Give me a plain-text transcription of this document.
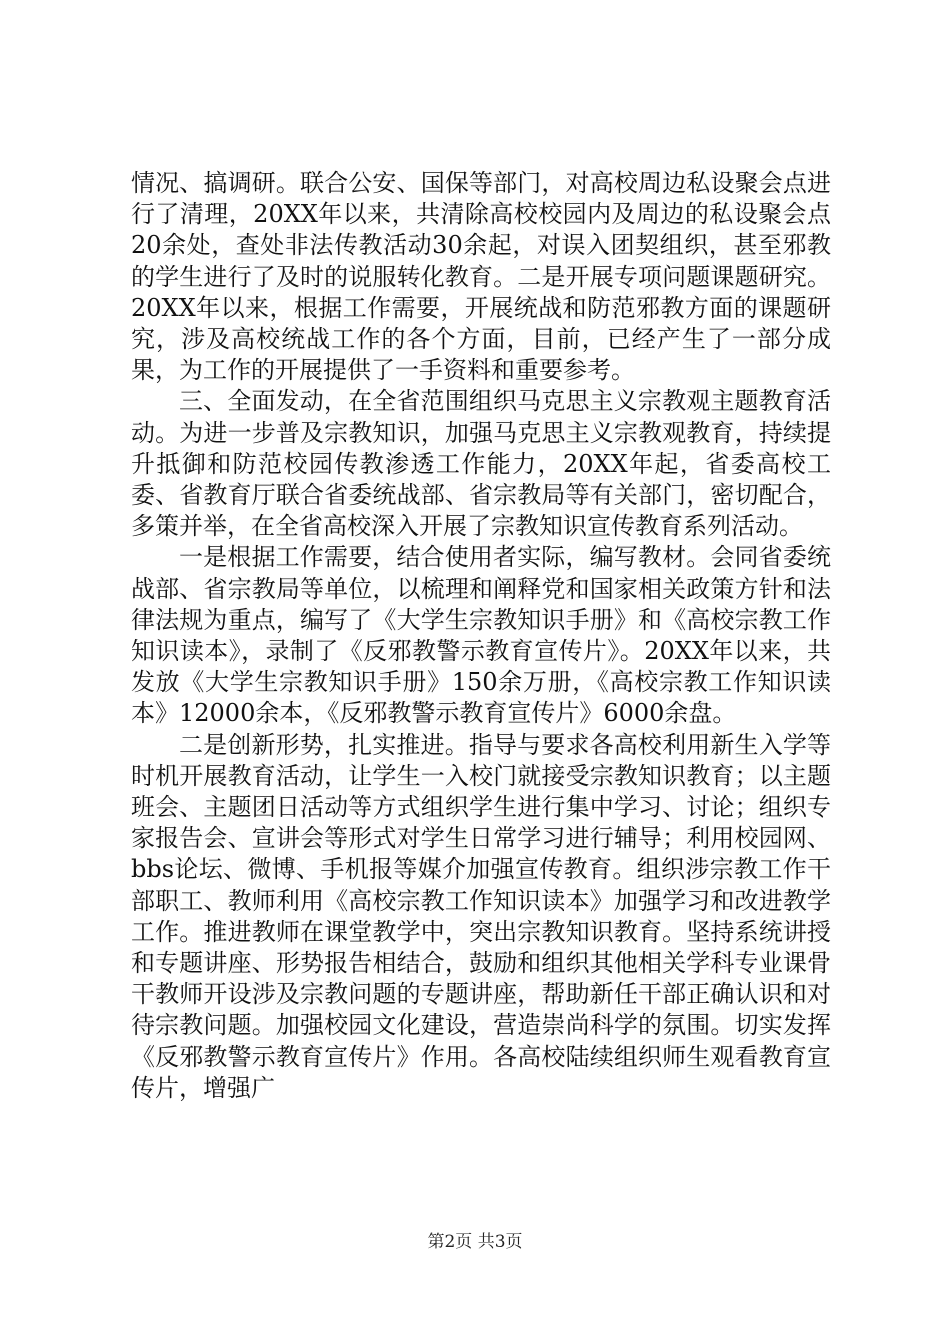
情况、搞调研。联合公安、国保等部门，对高校周边私设聚会点进行了清理，20XX年以来，共清除高校校园内及周边的私设聚会点20余处，查处非法传教活动30余起，对误入团契组织，甚至邪教的学生进行了及时的说服转化教育。二是开展专项问题课题研究。20XX年以来，根据工作需要，开展统战和防范邪教方面的课题研究，涉及高校统战工作的各个方面，目前，已经产生了一部分成果，为工作的开展提供了一手资料和重要参考。

三、全面发动，在全省范围组织马克思主义宗教观主题教育活动。为进一步普及宗教知识，加强马克思主义宗教观教育，持续提升抵御和防范校园传教渗透工作能力，20XX年起，省委高校工委、省教育厅联合省委统战部、省宗教局等有关部门，密切配合，多策并举，在全省高校深入开展了宗教知识宣传教育系列活动。

一是根据工作需要，结合使用者实际，编写教材。会同省委统战部、省宗教局等单位，以梳理和阐释党和国家相关政策方针和法律法规为重点，编写了《大学生宗教知识手册》和《高校宗教工作知识读本》，录制了《反邪教警示教育宣传片》。20XX年以来，共发放《大学生宗教知识手册》150余万册，《高校宗教工作知识读本》12000余本，《反邪教警示教育宣传片》6000余盘。

二是创新形势，扎实推进。指导与要求各高校利用新生入学等时机开展教育活动，让学生一入校门就接受宗教知识教育；以主题班会、主题团日活动等方式组织学生进行集中学习、讨论；组织专家报告会、宣讲会等形式对学生日常学习进行辅导；利用校园网、bbs论坛、微博、手机报等媒介加强宣传教育。组织涉宗教工作干部职工、教师利用《高校宗教工作知识读本》加强学习和改进教学工作。推进教师在课堂教学中，突出宗教知识教育。坚持系统讲授和专题讲座、形势报告相结合，鼓励和组织其他相关学科专业课骨干教师开设涉及宗教问题的专题讲座，帮助新任干部正确认识和对待宗教问题。加强校园文化建设，营造崇尚科学的氛围。切实发挥《反邪教警示教育宣传片》作用。各高校陆续组织师生观看教育宣传片，增强广

第2页 共3页
